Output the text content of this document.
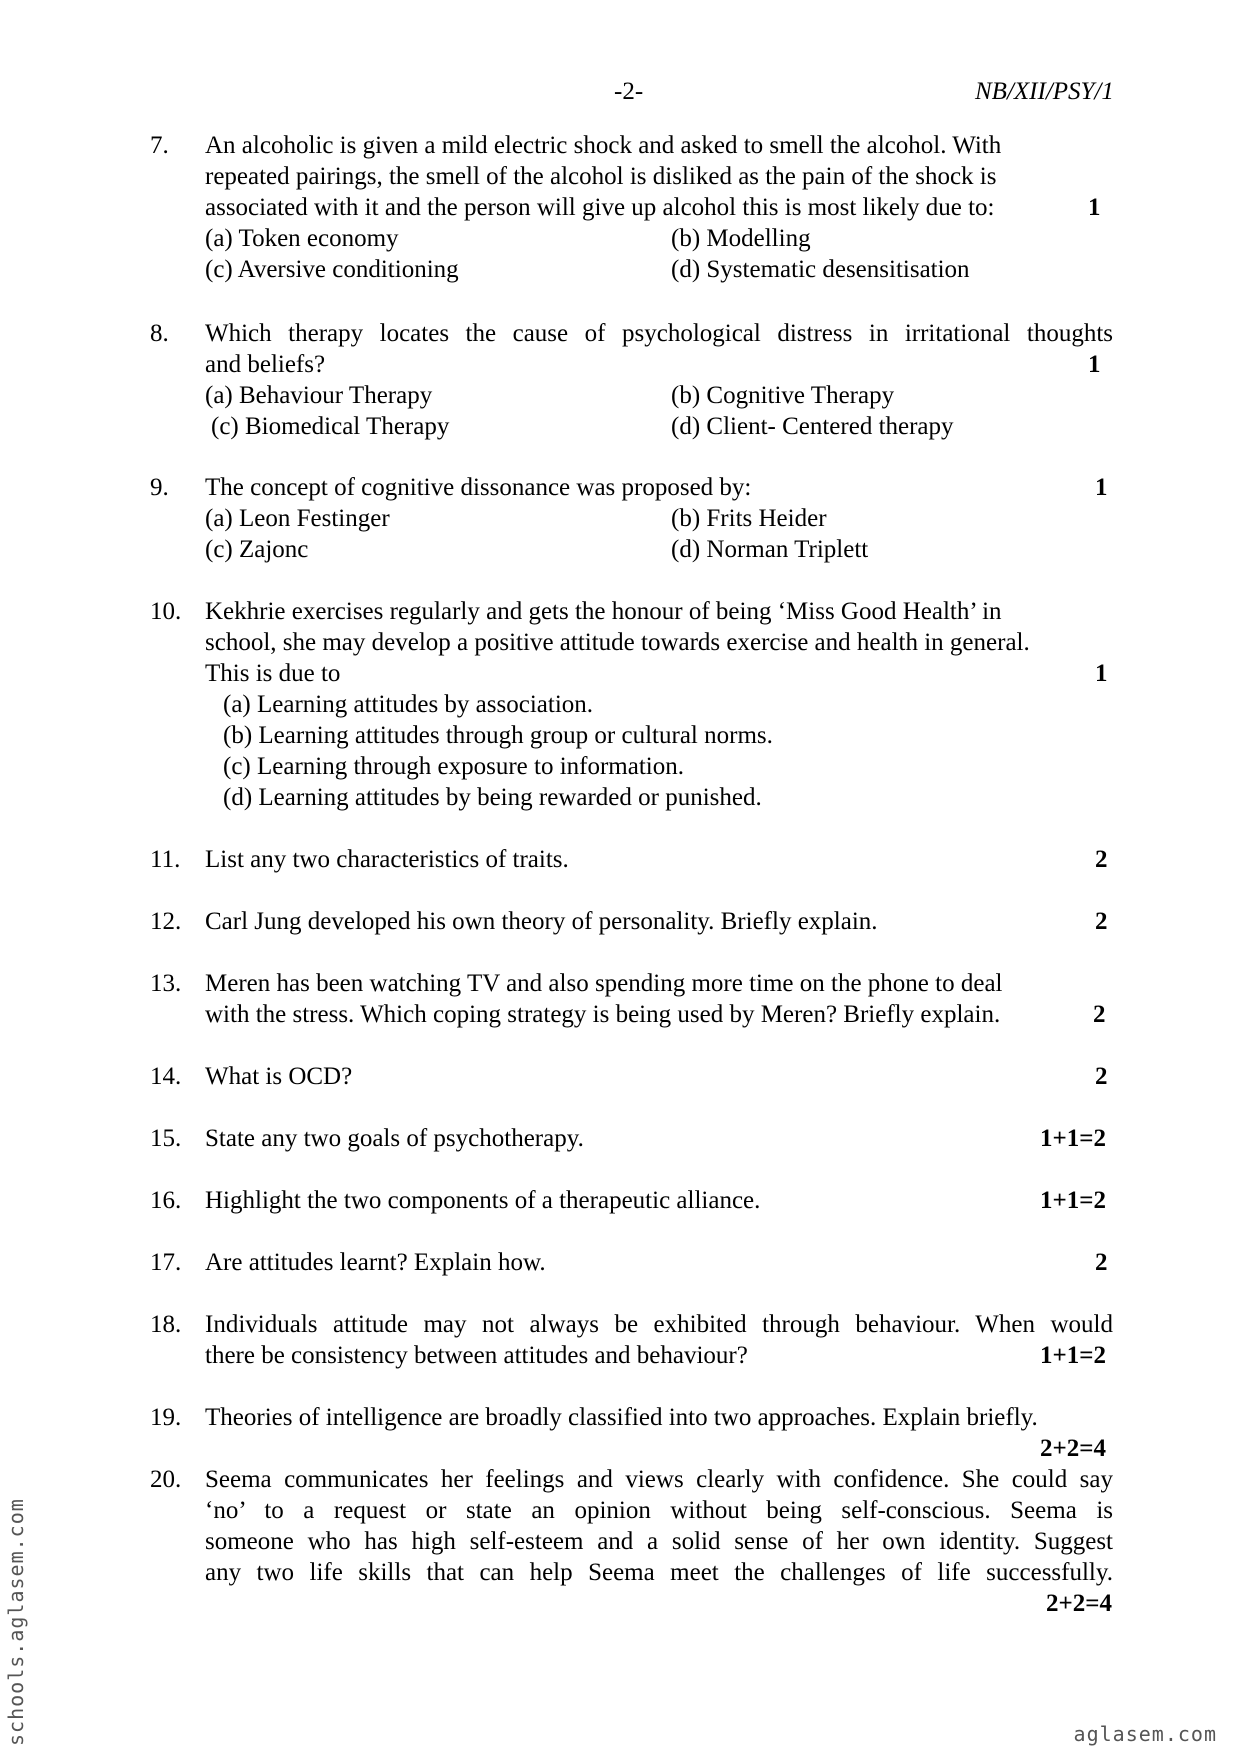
-2-	NB/XII/PSY/1
7. An alcoholic is given a mild electric shock and asked to smell the alcohol. With
repeated pairings, the smell of the alcohol is disliked as the pain of the shock is
associated with it and the person will give up alcohol this is most likely due to:	1
(a) Token economy	(b) Modelling
(c) Aversive conditioning	(d) Systematic desensitisation
8. Which therapy locates the cause of psychological distress in irritational thoughts
and beliefs?	1
(a) Behaviour Therapy	(b) Cognitive Therapy
(c) Biomedical Therapy	(d) Client- Centered therapy
9. The concept of cognitive dissonance was proposed by:	1
(a) Leon Festinger	(b) Frits Heider
(c) Zajonc	(d) Norman Triplett
10. Kekhrie exercises regularly and gets the honour of being ‘Miss Good Health’ in
school, she may develop a positive attitude towards exercise and health in general.
This is due to	1
(a) Learning attitudes by association.
(b) Learning attitudes through group or cultural norms.
(c) Learning through exposure to information.
(d) Learning attitudes by being rewarded or punished.
11. List any two characteristics of traits.	2
12. Carl Jung developed his own theory of personality. Briefly explain.	2
13. Meren has been watching TV and also spending more time on the phone to deal
with the stress. Which coping strategy is being used by Meren? Briefly explain.	2
14. What is OCD?	2
15. State any two goals of psychotherapy.	1+1=2
16. Highlight the two components of a therapeutic alliance.	1+1=2
17. Are attitudes learnt? Explain how.	2
18. Individuals attitude may not always be exhibited through behaviour. When would
there be consistency between attitudes and behaviour?	1+1=2
19. Theories of intelligence are broadly classified into two approaches. Explain briefly.
2+2=4
20. Seema communicates her feelings and views clearly with confidence. She could say
‘no’ to a request or state an opinion without being self-conscious. Seema is
someone who has high self-esteem and a solid sense of her own identity. Suggest
any two life skills that can help Seema meet the challenges of life successfully.
2+2=4
schools.aglasem.com	aglasem.com
